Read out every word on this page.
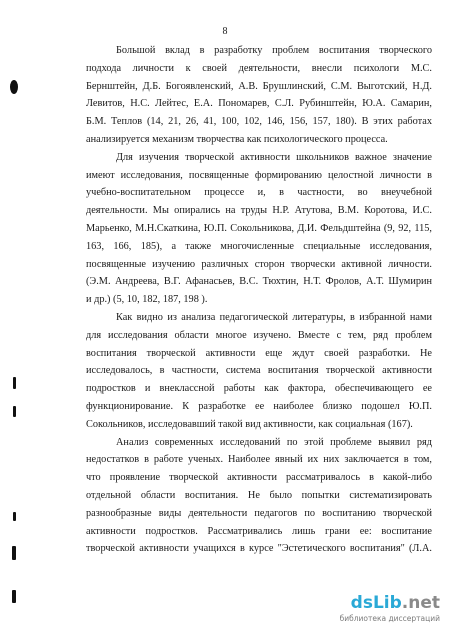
8
Большой вклад в разработку проблем воспитания творческого
подхода личности к своей деятельности, внесли психологи М.С.
Бернштейн, Д.Б. Богоявленский, А.В. Брушлинский, С.М. Выготский, Н.Д.
Левитов, Н.С. Лейтес, Е.А. Пономарев, С.Л. Рубинштейн, Ю.А. Самарин,
Б.М. Теплов (14, 21, 26, 41, 100, 102, 146, 156, 157, 180). В этих работах
анализируется механизм творчества как психологического процесса.
Для изучения творческой активности школьников важное значение
имеют исследования, посвященные формированию целостной личности в
учебно-воспитательном процессе и, в частности, во внеучебной
деятельности. Мы опирались на труды Н.Р. Атутова, В.М. Коротова, И.С.
Марьенко, М.Н.Скаткина, Ю.П. Сокольникова, Д.И. Фельдштейна (9, 92, 115,
163, 166, 185), а также многочисленные специальные исследования,
посвященные изучению различных сторон творчески активной личности.
(Э.М. Андреева, В.Г. Афанасьев, В.С. Тюхтин, Н.Т. Фролов, А.Т. Шумирин
и др.) (5, 10, 182, 187, 198 ).
Как видно из анализа педагогической литературы, в избранной нами
для исследования области многое изучено. Вместе с тем, ряд проблем
воспитания творческой активности еще ждут своей разработки. Не
исследовалось, в частности, система воспитания творческой активности
подростков и внеклассной работы как фактора, обеспечивающего ее
функционирование. К разработке ее наиболее близко подошел Ю.П.
Сокольников, исследовавший такой вид активности, как социальная (167).
Анализ современных исследований по этой проблеме выявил ряд
недостатков в работе ученых. Наиболее явный их них заключается в том,
что проявление творческой активности рассматривалось в какой-либо
отдельной области воспитания. Не было попытки систематизировать
разнообразные виды деятельности педагогов по воспитанию творческой
активности подростков. Рассматривались лишь грани ее: воспитание
творческой активности учащихся в курсе "Эстетического воспитания" (Л.А.
dsLib.net
библиотека диссертаций
